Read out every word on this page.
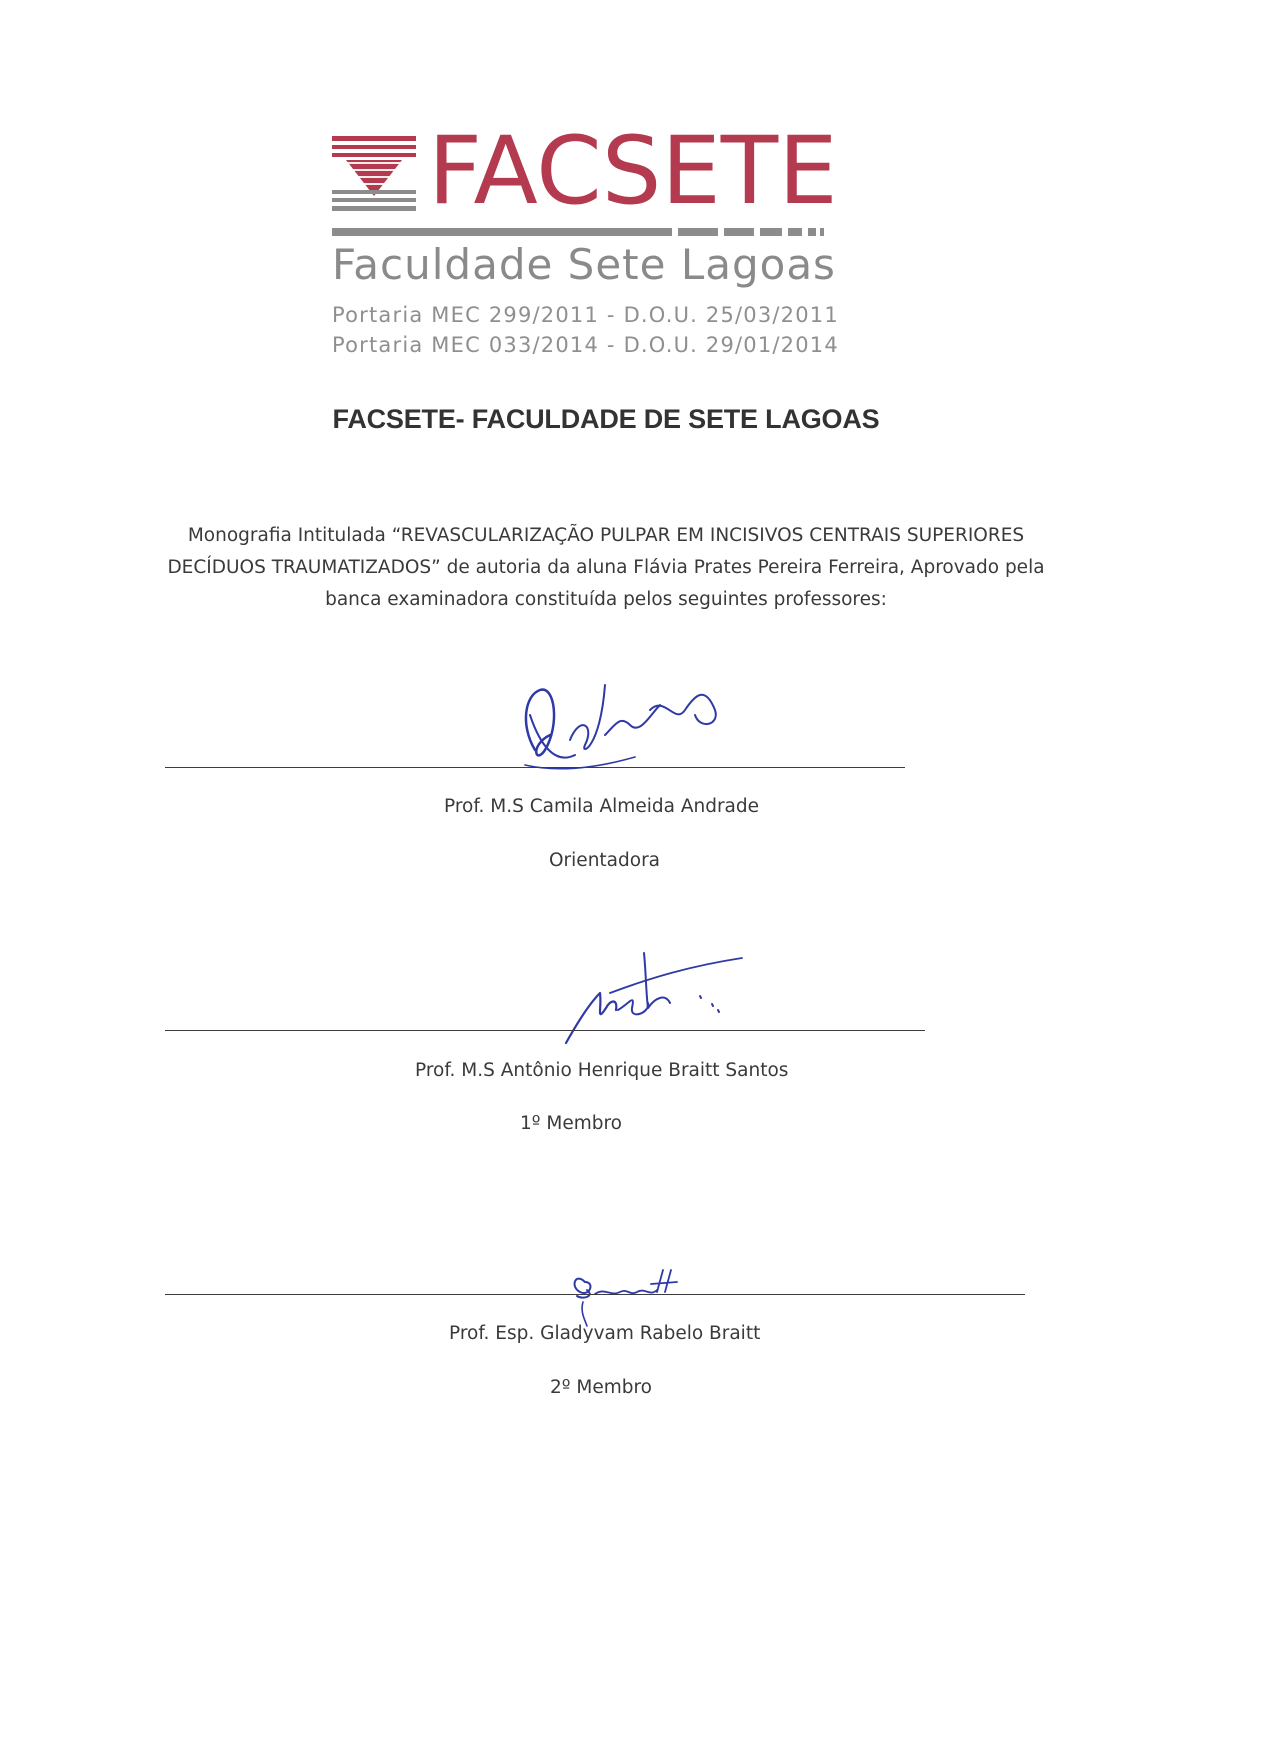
FACSETE
Faculdade Sete Lagoas
Portaria MEC 299/2011 - D.O.U. 25/03/2011
Portaria MEC 033/2014 - D.O.U. 29/01/2014
FACSETE- FACULDADE DE SETE LAGOAS
Monografia Intitulada “REVASCULARIZAÇÃO PULPAR EM INCISIVOS CENTRAIS SUPERIORES DECÍDUOS TRAUMATIZADOS” de autoria da aluna Flávia Prates Pereira Ferreira, Aprovado pela banca examinadora constituída pelos seguintes professores:
Prof. M.S Camila Almeida Andrade
Orientadora
Prof. M.S Antônio Henrique Braitt Santos
1º Membro
Prof. Esp. Gladyvam Rabelo Braitt
2º Membro
